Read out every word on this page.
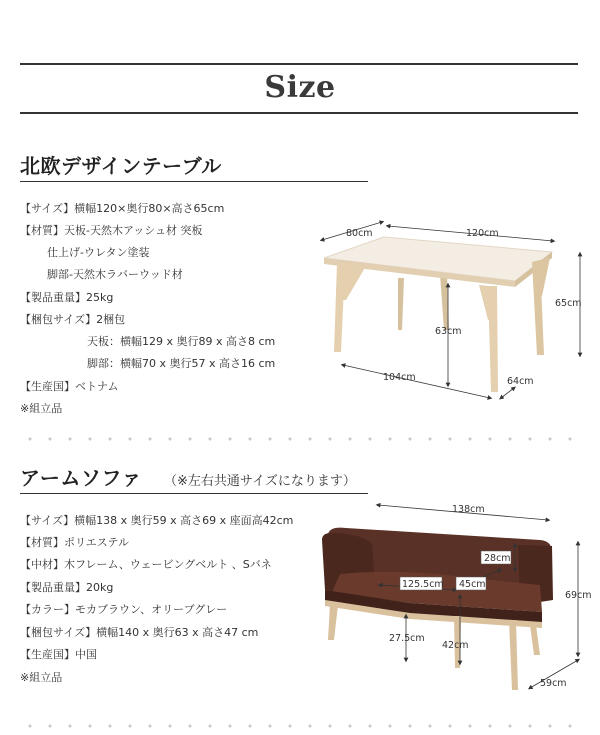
Size
北欧デザインテーブル
【サイズ】横幅120×奥行80×高さ65cm
【材質】天板-天然木アッシュ材 突板
仕上げ-ウレタン塗装
脚部-天然木ラバーウッド材
【製品重量】25kg
【梱包サイズ】2梱包
天板：横幅129 x 奥行89 x 高さ8 cm
脚部：横幅70 x 奥行57 x 高さ16 cm
【生産国】ベトナム
※組立品
80cm	120cm
65cm
63cm
104cm	64cm
アームソファ （※左右共通サイズになります）
【サイズ】横幅138 x 奥行59 x 高さ69 x 座面高42cm
【材質】ポリエステル
【中材】木フレーム、ウェービングベルト 、Sバネ
【製品重量】20kg
【カラー】モカブラウン、オリーブグレー
【梱包サイズ】横幅140 x 奥行63 x 高さ47 cm
【生産国】中国
※組立品
138cm
69cm
59cm
28cm
125.5cm 45cm
42cm
27.5cm
